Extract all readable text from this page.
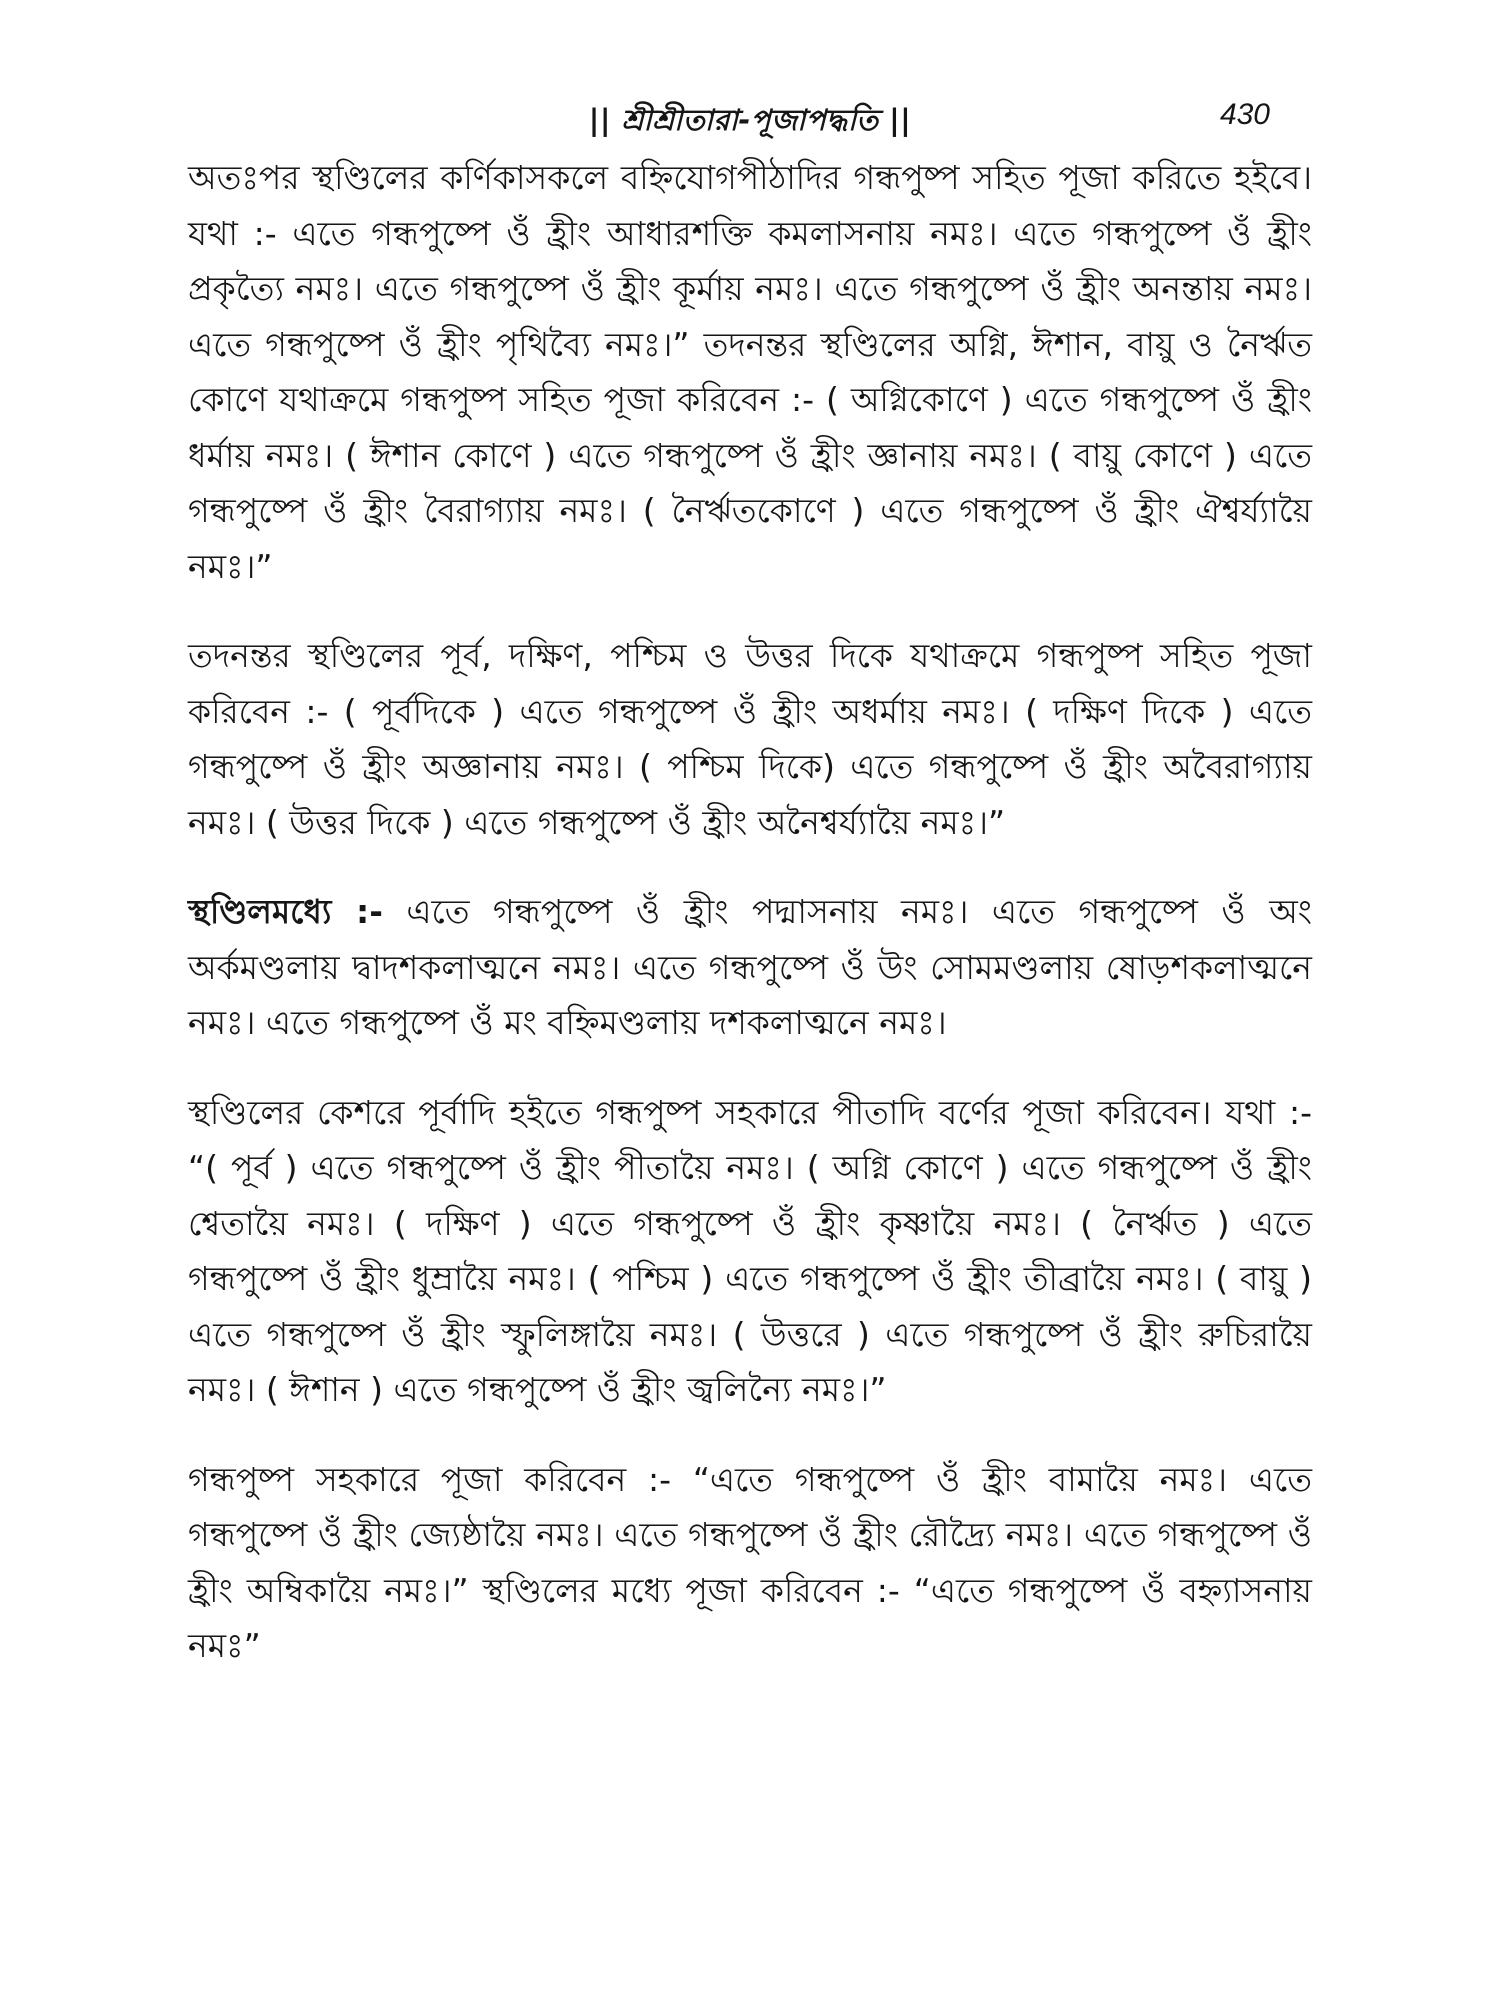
|| শ্রীশ্রীতারা-পূজাপদ্ধতি ||	430

অতঃপর স্থণ্ডিলের কর্ণিকাসকলে বহ্নিযোগপীঠাদির গন্ধপুষ্প সহিত পূজা করিতে হইবে। যথা :- এতে গন্ধপুষ্পে ওঁ হ্রীং আধারশক্তি কমলাসনায় নমঃ। এতে গন্ধপুষ্পে ওঁ হ্রীং প্রকৃত্যৈ নমঃ। এতে গন্ধপুষ্পে ওঁ হ্রীং কূর্মায় নমঃ। এতে গন্ধপুষ্পে ওঁ হ্রীং অনন্তায় নমঃ। এতে গন্ধপুষ্পে ওঁ হ্রীং পৃথিব্যৈ নমঃ।” তদনন্তর স্থণ্ডিলের অগ্নি, ঈশান, বায়ু ও নৈর্ঋত কোণে যথাক্রমে গন্ধপুষ্প সহিত পূজা করিবেন :- ( অগ্নিকোণে ) এতে গন্ধপুষ্পে ওঁ হ্রীং ধর্মায় নমঃ। ( ঈশান কোণে ) এতে গন্ধপুষ্পে ওঁ হ্রীং জ্ঞানায় নমঃ। ( বায়ু কোণে ) এতে গন্ধপুষ্পে ওঁ হ্রীং বৈরাগ্যায় নমঃ। ( নৈর্ঋতকোণে ) এতে গন্ধপুষ্পে ওঁ হ্রীং ঐশ্বর্য্যায়ৈ নমঃ।”

তদনন্তর স্থণ্ডিলের পূর্ব, দক্ষিণ, পশ্চিম ও উত্তর দিকে যথাক্রমে গন্ধপুষ্প সহিত পূজা করিবেন :- ( পূর্বদিকে ) এতে গন্ধপুষ্পে ওঁ হ্রীং অধর্মায় নমঃ। ( দক্ষিণ দিকে ) এতে গন্ধপুষ্পে ওঁ হ্রীং অজ্ঞানায় নমঃ। ( পশ্চিম দিকে) এতে গন্ধপুষ্পে ওঁ হ্রীং অবৈরাগ্যায় নমঃ। ( উত্তর দিকে ) এতে গন্ধপুষ্পে ওঁ হ্রীং অনৈশ্বর্য্যায়ৈ নমঃ।”

স্থণ্ডিলমধ্যে :- এতে গন্ধপুষ্পে ওঁ হ্রীং পদ্মাসনায় নমঃ। এতে গন্ধপুষ্পে ওঁ অং অর্কমণ্ডলায় দ্বাদশকলাত্মনে নমঃ। এতে গন্ধপুষ্পে ওঁ উং সোমমণ্ডলায় ষোড়শকলাত্মনে নমঃ। এতে গন্ধপুষ্পে ওঁ মং বহ্নিমণ্ডলায় দশকলাত্মনে নমঃ।

স্থণ্ডিলের কেশরে পূর্বাদি হইতে গন্ধপুষ্প সহকারে পীতাদি বর্ণের পূজা করিবেন। যথা :- “( পূর্ব ) এতে গন্ধপুষ্পে ওঁ হ্রীং পীতায়ৈ নমঃ। ( অগ্নি কোণে ) এতে গন্ধপুষ্পে ওঁ হ্রীং শ্বেতায়ৈ নমঃ। ( দক্ষিণ ) এতে গন্ধপুষ্পে ওঁ হ্রীং কৃষ্ণায়ৈ নমঃ। ( নৈর্ঋত ) এতে গন্ধপুষ্পে ওঁ হ্রীং ধুম্রায়ৈ নমঃ। ( পশ্চিম ) এতে গন্ধপুষ্পে ওঁ হ্রীং তীব্রায়ৈ নমঃ। ( বায়ু ) এতে গন্ধপুষ্পে ওঁ হ্রীং স্ফুলিঙ্গায়ৈ নমঃ। ( উত্তরে ) এতে গন্ধপুষ্পে ওঁ হ্রীং রুচিরায়ৈ নমঃ। ( ঈশান ) এতে গন্ধপুষ্পে ওঁ হ্রীং জ্বলিন্যৈ নমঃ।”

গন্ধপুষ্প সহকারে পূজা করিবেন :- “এতে গন্ধপুষ্পে ওঁ হ্রীং বামায়ৈ নমঃ। এতে গন্ধপুষ্পে ওঁ হ্রীং জ্যেষ্ঠায়ৈ নমঃ। এতে গন্ধপুষ্পে ওঁ হ্রীং রৌদ্র্যৈ নমঃ। এতে গন্ধপুষ্পে ওঁ হ্রীং অম্বিকায়ৈ নমঃ।” স্থণ্ডিলের মধ্যে পূজা করিবেন :- “এতে গন্ধপুষ্পে ওঁ বহ্ন্যাসনায় নমঃ”
